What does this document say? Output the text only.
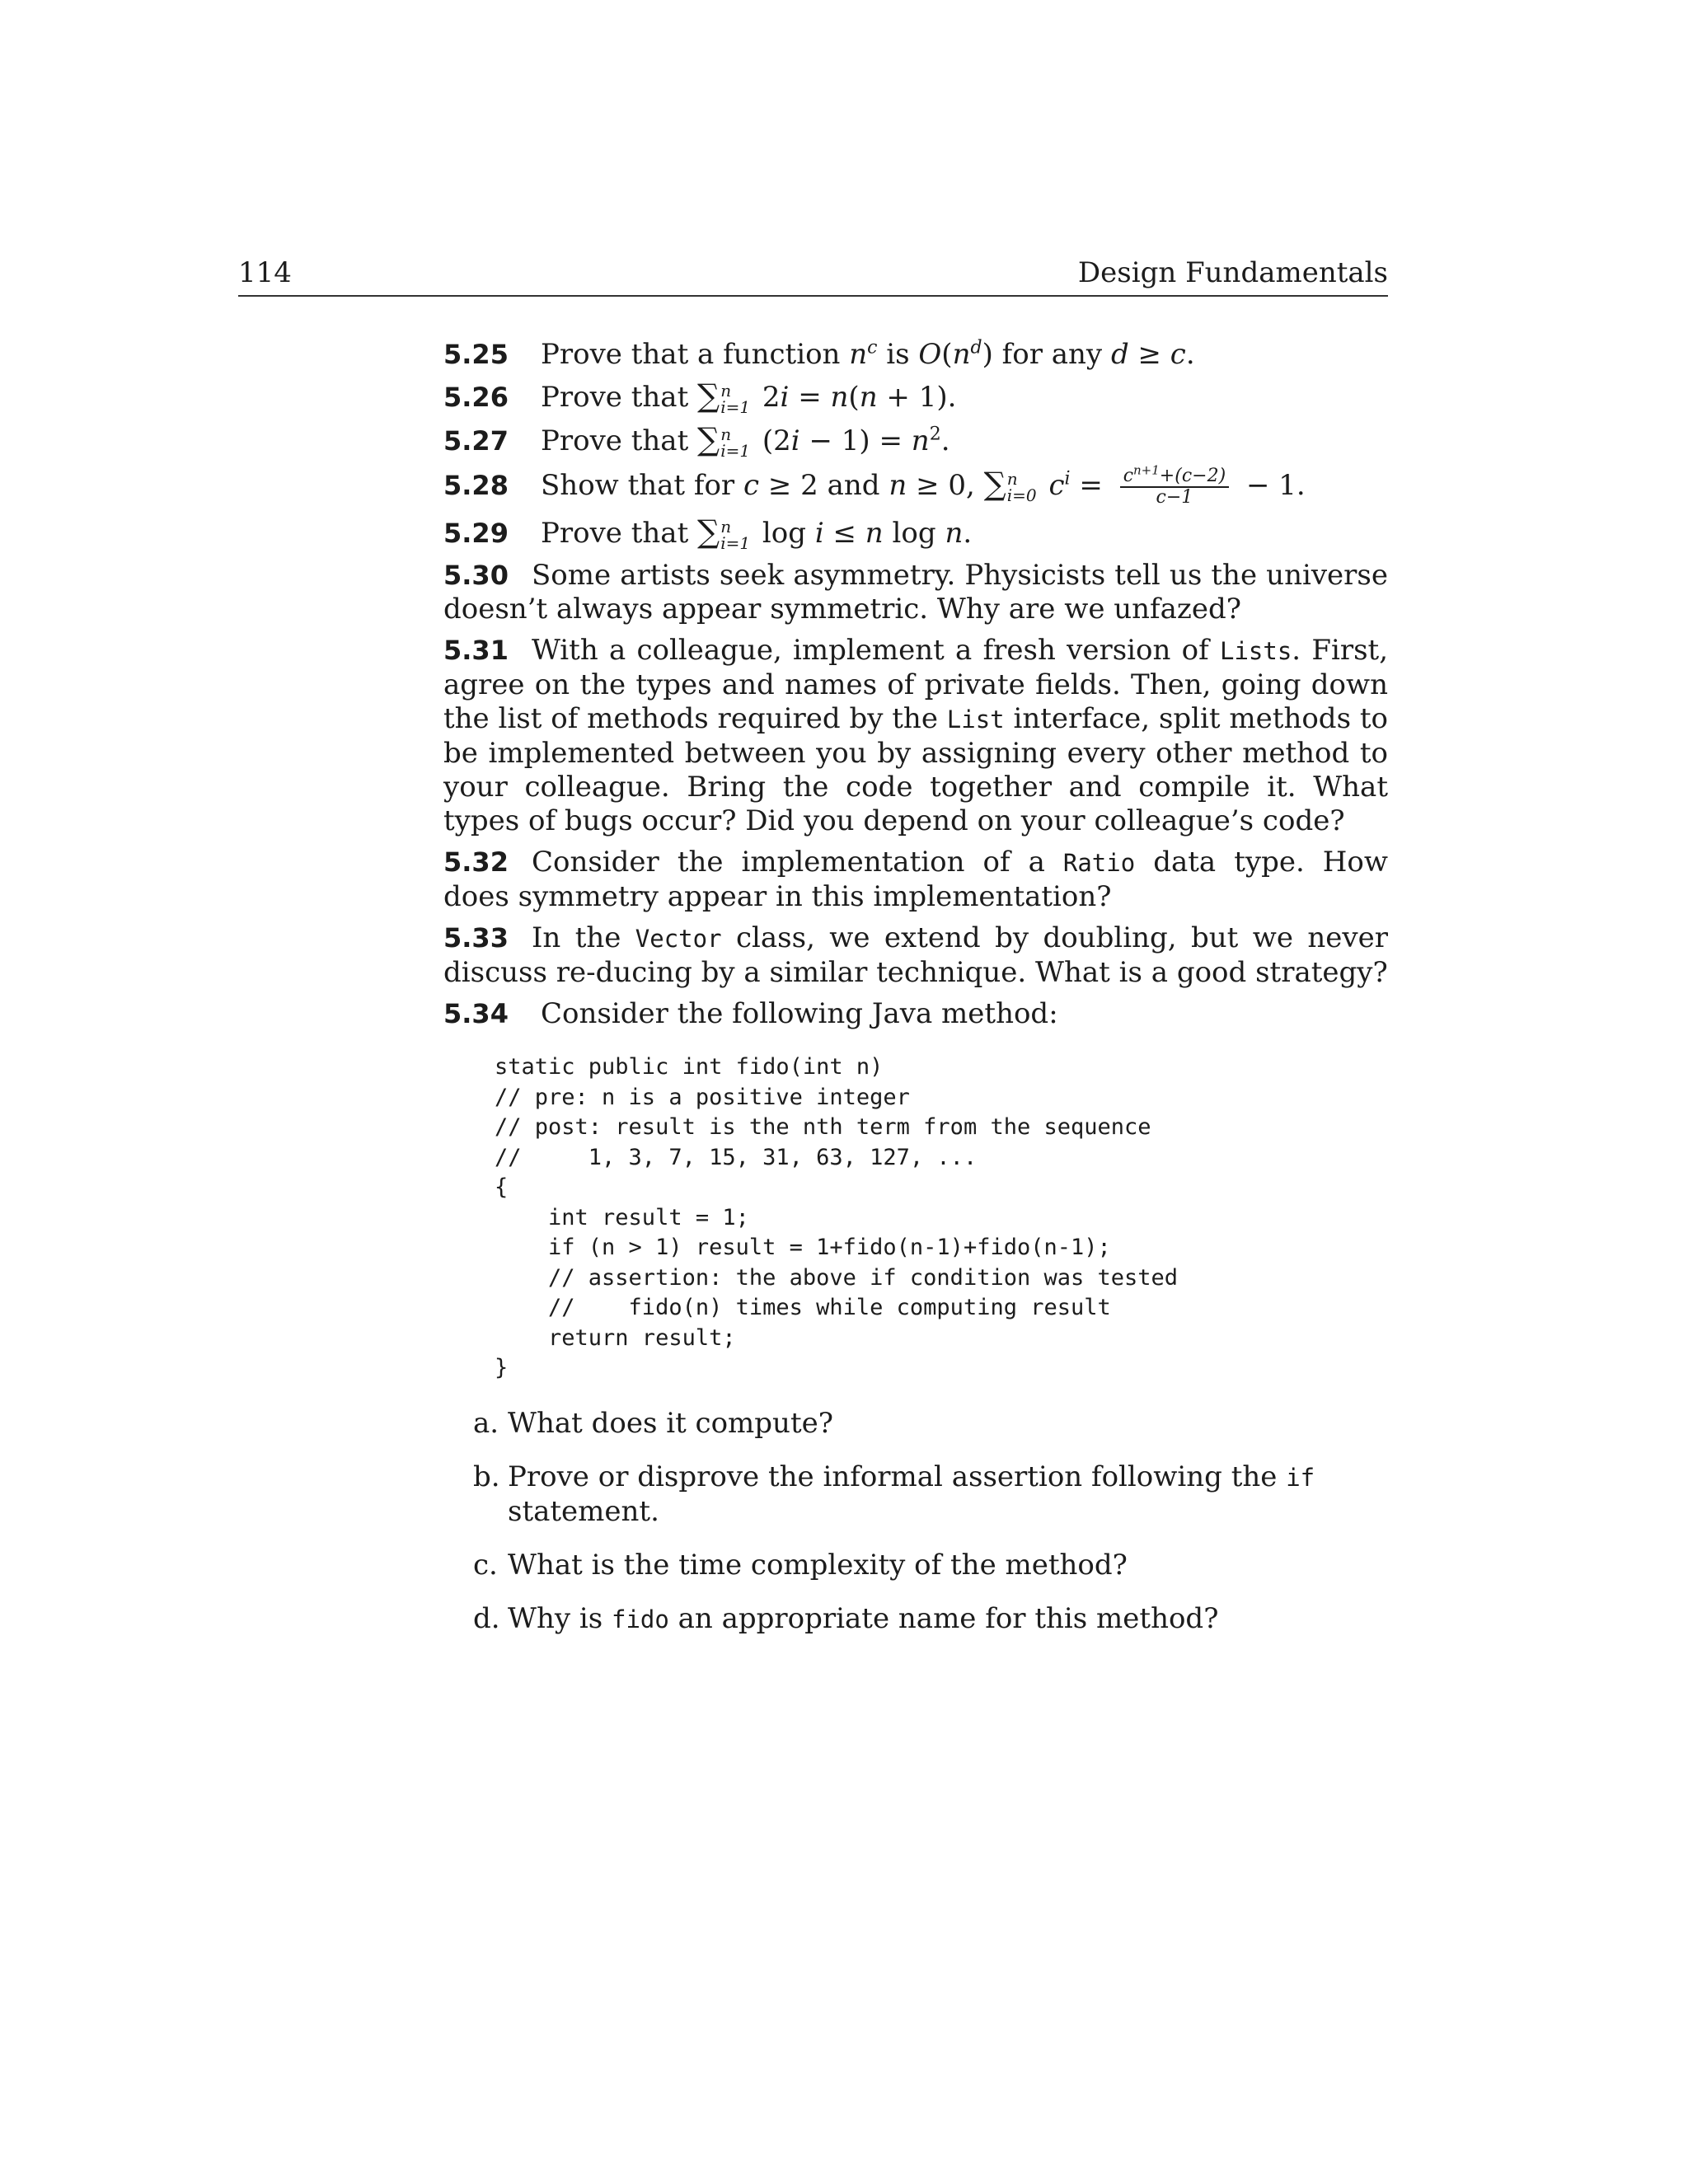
114	Design Fundamentals
5.25	Prove that a function $n^c$ is $O(n^d)$ for any d ≥ c.
5.26	Prove that ∑ n
i=1 2i = n(n + 1).
5.27	Prove that ∑ n
i=1 $(2i - 1) = n^2$.
5.28	Show that for c ≥ 2 and n ≥ 0, ∑ n
i=0 $c^i = \frac{c^{n+1}+(c-2)}{c-1} - 1$.
5.29	Prove that ∑ n
i=1 log i ≤ n log n.
5.30 Some artists seek asymmetry. Physicists tell us the universe doesn’t always appear symmetric. Why are we unfazed?
5.31 With a colleague, implement a fresh version of Lists. First, agree on the types and names of private fields. Then, going down the list of methods required by the List interface, split methods to be implemented between you by assigning every other method to your colleague. Bring the code together and compile it. What types of bugs occur? Did you depend on your colleague’s code?
5.32 Consider the implementation of a Ratio data type. How does symmetry appear in this implementation?
5.33 In the Vector class, we extend by doubling, but we never discuss re-ducing by a similar technique. What is a good strategy?
5.34	Consider the following Java method:
static public int fido(int n)
// pre: n is a positive integer
// post: result is the nth term from the sequence
//     1, 3, 7, 15, 31, 63, 127, ...
{
int result = 1;
if (n > 1) result = 1+fido(n-1)+fido(n-1);
// assertion: the above if condition was tested
//    fido(n) times while computing result
return result;
}
a. What does it compute?
b. Prove or disprove the informal assertion following the if statement.
c. What is the time complexity of the method?
d. Why is fido an appropriate name for this method?
